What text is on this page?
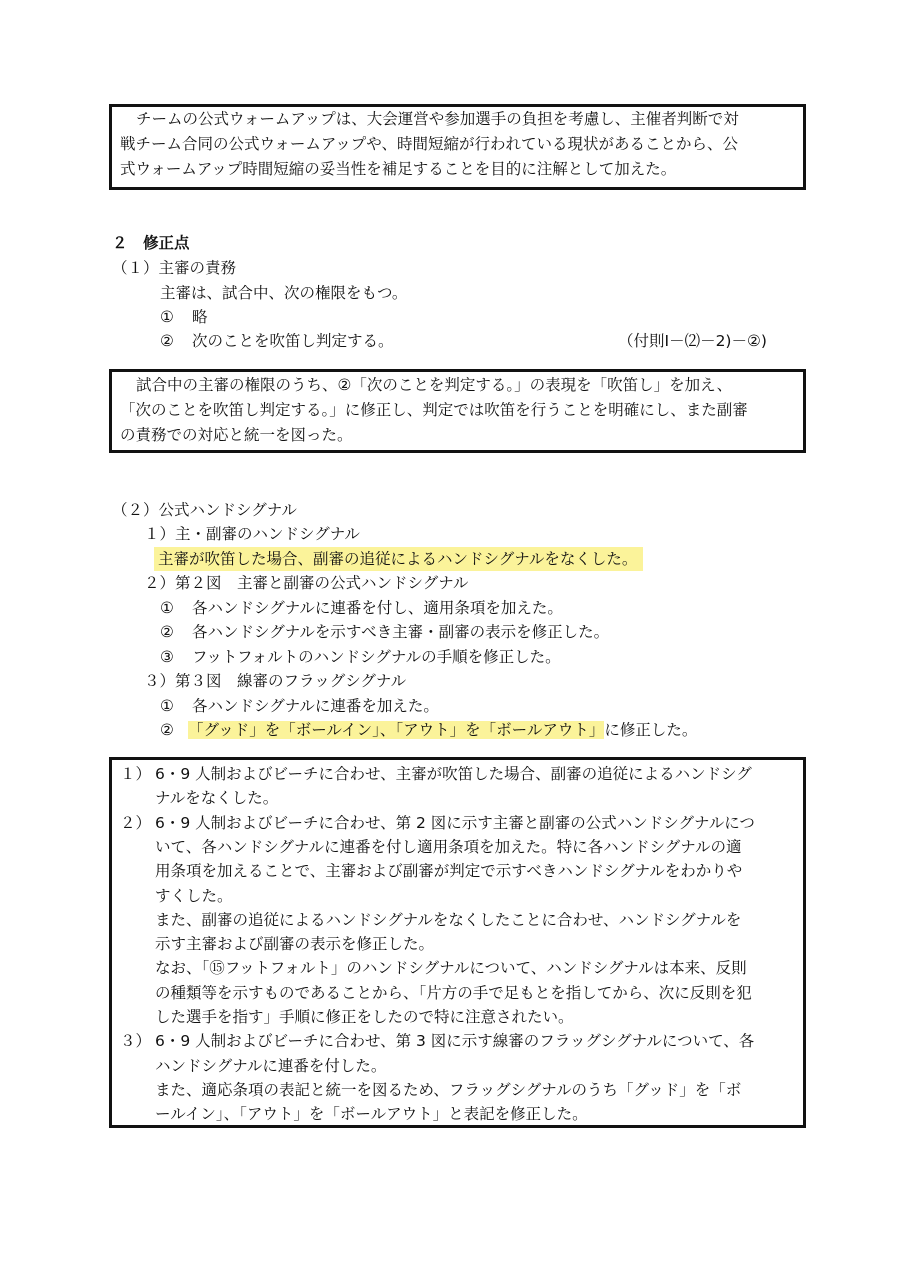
チームの公式ウォームアップは、大会運営や参加選手の負担を考慮し、主催者判断で対
戦チーム合同の公式ウォームアップや、時間短縮が行われている現状があることから、公
式ウォームアップ時間短縮の妥当性を補足することを目的に注解として加えた。
２　修正点
（１）主審の責務
主審は、試合中、次の権限をもつ。
① 略
② 次のことを吹笛し判定する。	（付則Ⅰ－⑵－2)－②)
試合中の主審の権限のうち、②「次のことを判定する。」の表現を「吹笛し」を加え、
「次のことを吹笛し判定する。」に修正し、判定では吹笛を行うことを明確にし、また副審
の責務での対応と統一を図った。
（２）公式ハンドシグナル
１）主・副審のハンドシグナル
主審が吹笛した場合、副審の追従によるハンドシグナルをなくした。
２）第２図　主審と副審の公式ハンドシグナル
① 各ハンドシグナルに連番を付し、適用条項を加えた。
② 各ハンドシグナルを示すべき主審・副審の表示を修正した。
③ フットフォルトのハンドシグナルの手順を修正した。
３）第３図　線審のフラッグシグナル
① 各ハンドシグナルに連番を加えた。
② 「グッド」を「ボールイン」、「アウト」を「ボールアウト」に修正した。
１） 6・9 人制およびビーチに合わせ、主審が吹笛した場合、副審の追従によるハンドシグ
ナルをなくした。
２） 6・9 人制およびビーチに合わせ、第 2 図に示す主審と副審の公式ハンドシグナルにつ
いて、各ハンドシグナルに連番を付し適用条項を加えた。特に各ハンドシグナルの適
用条項を加えることで、主審および副審が判定で示すべきハンドシグナルをわかりや
すくした。
また、副審の追従によるハンドシグナルをなくしたことに合わせ、ハンドシグナルを
示す主審および副審の表示を修正した。
なお、「⑮フットフォルト」のハンドシグナルについて、ハンドシグナルは本来、反則
の種類等を示すものであることから、「片方の手で足もとを指してから、次に反則を犯
した選手を指す」手順に修正をしたので特に注意されたい。
３） 6・9 人制およびビーチに合わせ、第 3 図に示す線審のフラッグシグナルについて、各
ハンドシグナルに連番を付した。
また、適応条項の表記と統一を図るため、フラッグシグナルのうち「グッド」を「ボ
ールイン」、「アウト」を「ボールアウト」と表記を修正した。
